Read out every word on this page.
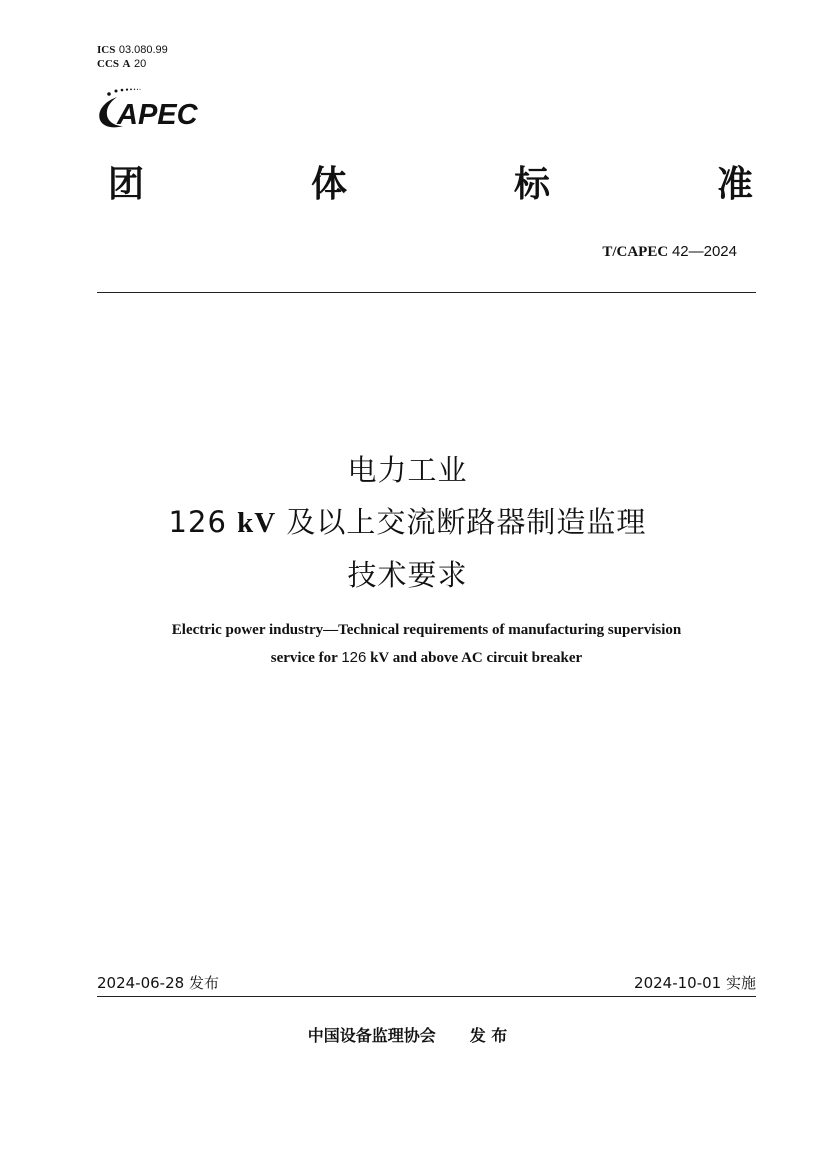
ICS 03.080.99
CCS A 20
APEC
团	体	标	准
T/CAPEC 42—2024
电力工业
126 kV 及以上交流断路器制造监理
技术要求
Electric power industry—Technical requirements of manufacturing supervision
service for 126 kV and above AC circuit breaker
2024-06-28 发布	2024-10-01 实施
中国设备监理协会 发 布
